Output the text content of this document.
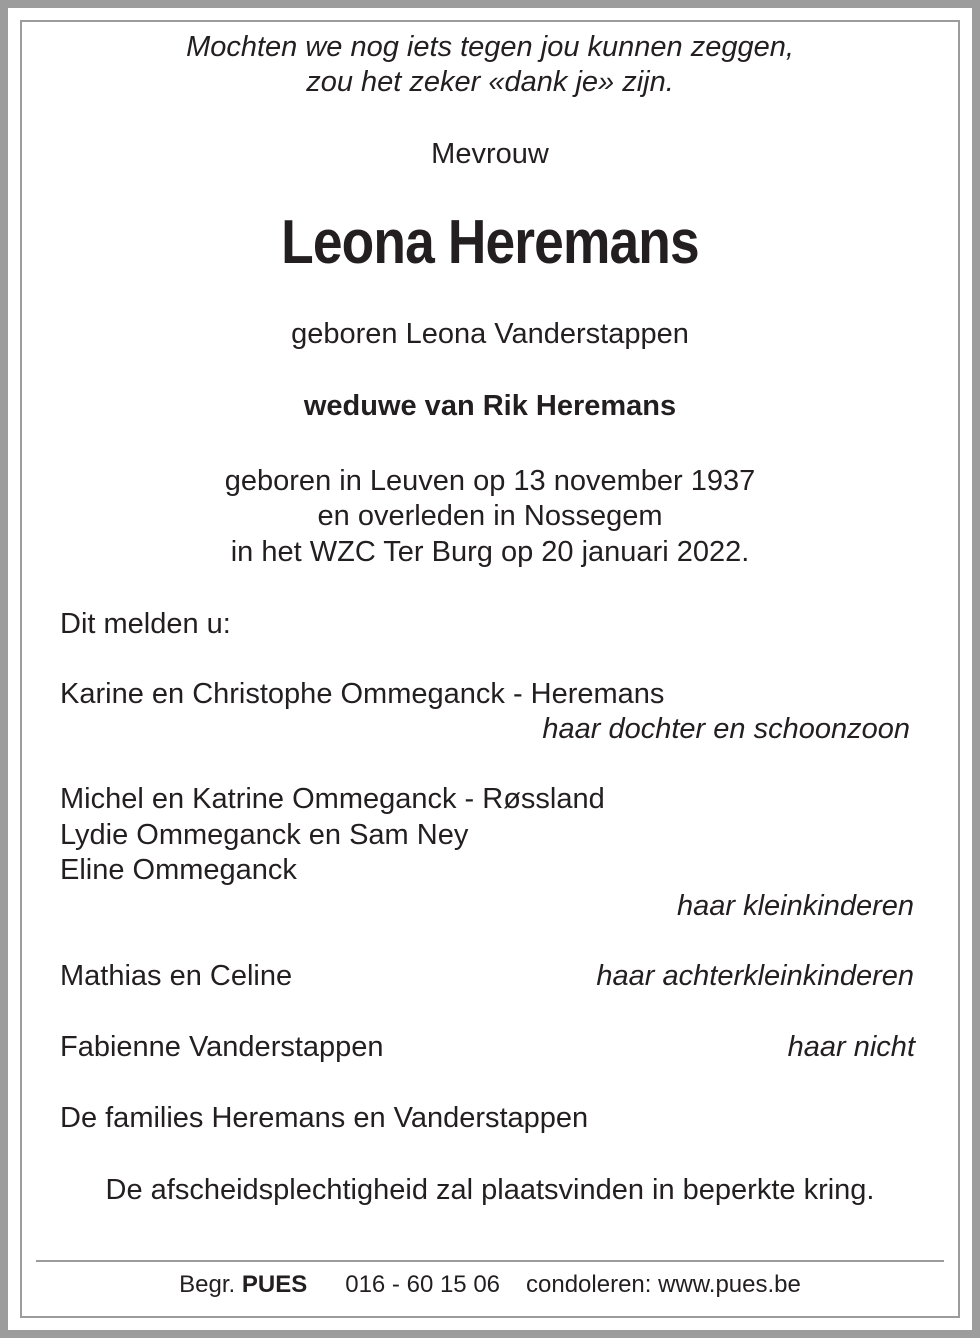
Mochten we nog iets tegen jou kunnen zeggen,
zou het zeker «dank je» zijn.
Mevrouw
Leona Heremans
geboren Leona Vanderstappen
weduwe van Rik Heremans
geboren in Leuven op 13 november 1937
en overleden in Nossegem
in het WZC Ter Burg op 20 januari 2022.
Dit melden u:
Karine en Christophe Ommeganck - Heremans
haar dochter en schoonzoon
Michel en Katrine Ommeganck - Røssland
Lydie Ommeganck en Sam Ney
Eline Ommeganck
haar kleinkinderen
Mathias en Celine	haar achterkleinkinderen
Fabienne Vanderstappen	haar nicht
De families Heremans en Vanderstappen
De afscheidsplechtigheid zal plaatsvinden in beperkte kring.
Begr. PUES 016 - 60 15 06 condoleren: www.pues.be
